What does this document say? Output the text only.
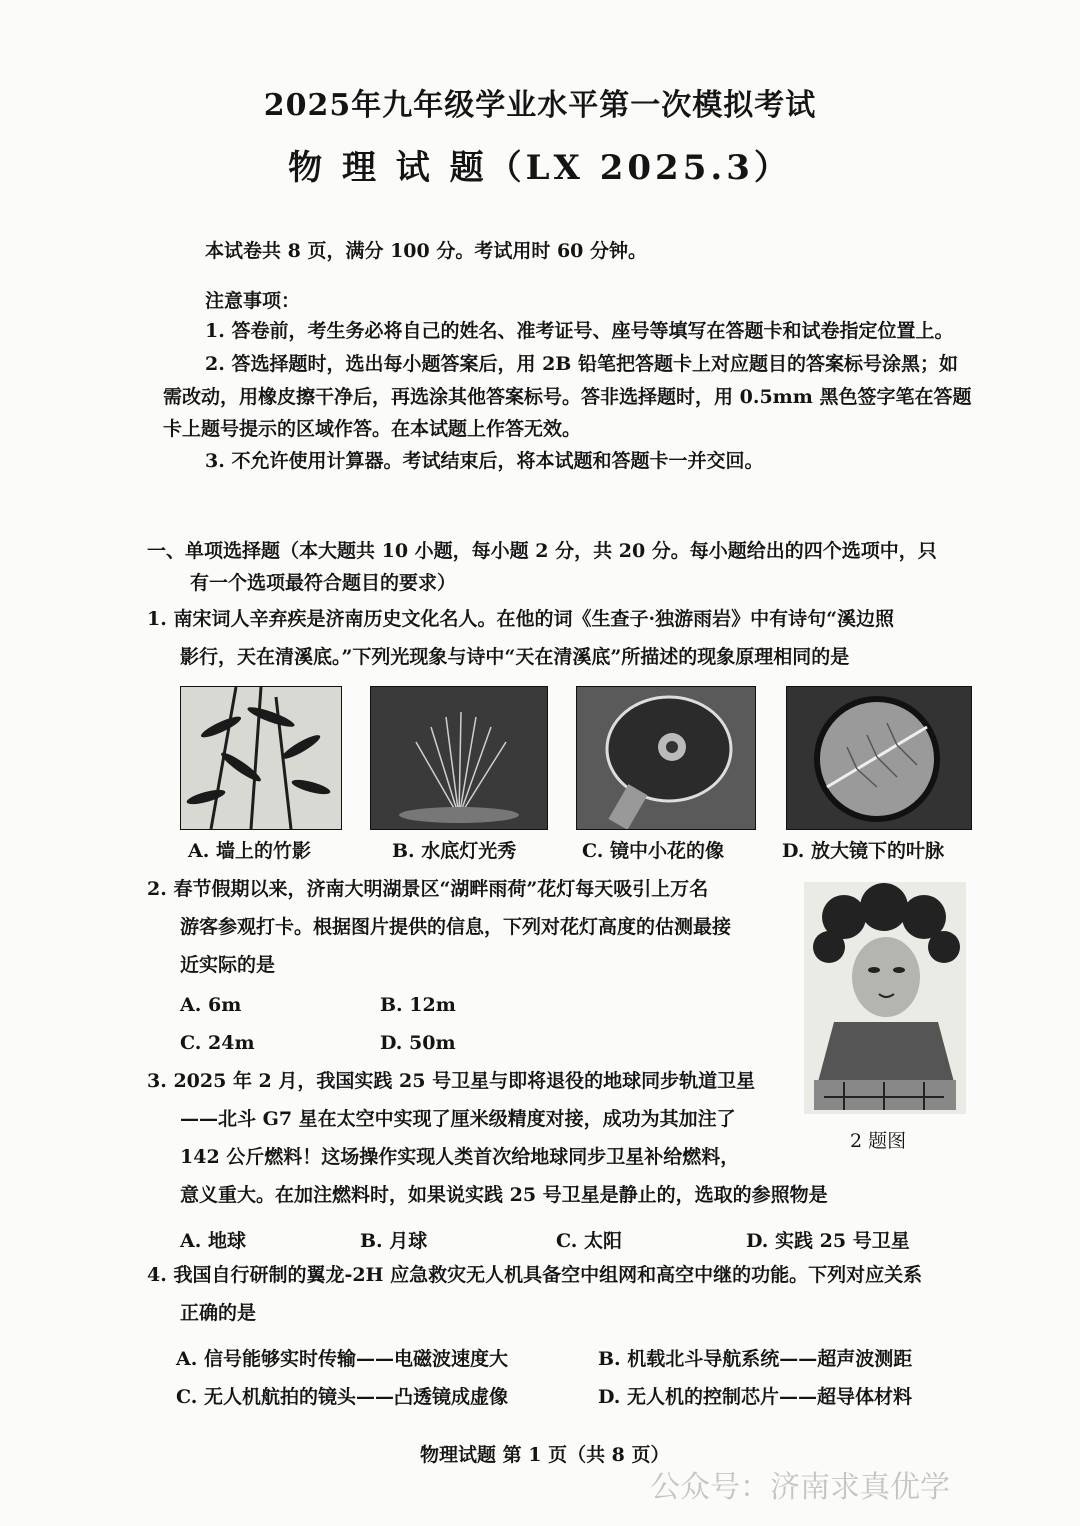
2025年九年级学业水平第一次模拟考试
物 理 试 题（LX 2025.3）
本试卷共 8 页，满分 100 分。考试用时 60 分钟。
注意事项：
1. 答卷前，考生务必将自己的姓名、准考证号、座号等填写在答题卡和试卷指定位置上。
2. 答选择题时，选出每小题答案后，用 2B 铅笔把答题卡上对应题目的答案标号涂黑；如
需改动，用橡皮擦干净后，再选涂其他答案标号。答非选择题时，用 0.5mm 黑色签字笔在答题
卡上题号提示的区域作答。在本试题上作答无效。
3. 不允许使用计算器。考试结束后，将本试题和答题卡一并交回。
一、单项选择题（本大题共 10 小题，每小题 2 分，共 20 分。每小题给出的四个选项中，只
有一个选项最符合题目的要求）
1. 南宋词人辛弃疾是济南历史文化名人。在他的词《生查子·独游雨岩》中有诗句“溪边照
影行，天在清溪底。”下列光现象与诗中“天在清溪底”所描述的现象原理相同的是
A. 墙上的竹影	B. 水底灯光秀	C. 镜中小花的像	D. 放大镜下的叶脉
2. 春节假期以来，济南大明湖景区“湖畔雨荷”花灯每天吸引上万名
游客参观打卡。根据图片提供的信息，下列对花灯高度的估测最接
近实际的是
A. 6m	B. 12m
C. 24m	D. 50m
2 题图
3. 2025 年 2 月，我国实践 25 号卫星与即将退役的地球同步轨道卫星
——北斗 G7 星在太空中实现了厘米级精度对接，成功为其加注了
142 公斤燃料！这场操作实现人类首次给地球同步卫星补给燃料，
意义重大。在加注燃料时，如果说实践 25 号卫星是静止的，选取的参照物是
A. 地球	B. 月球	C. 太阳	D. 实践 25 号卫星
4. 我国自行研制的翼龙-2H 应急救灾无人机具备空中组网和高空中继的功能。下列对应关系
正确的是
A. 信号能够实时传输——电磁波速度大	B. 机载北斗导航系统——超声波测距
C. 无人机航拍的镜头——凸透镜成虚像	D. 无人机的控制芯片——超导体材料
物理试题 第 1 页（共 8 页）
公众号：济南求真优学
